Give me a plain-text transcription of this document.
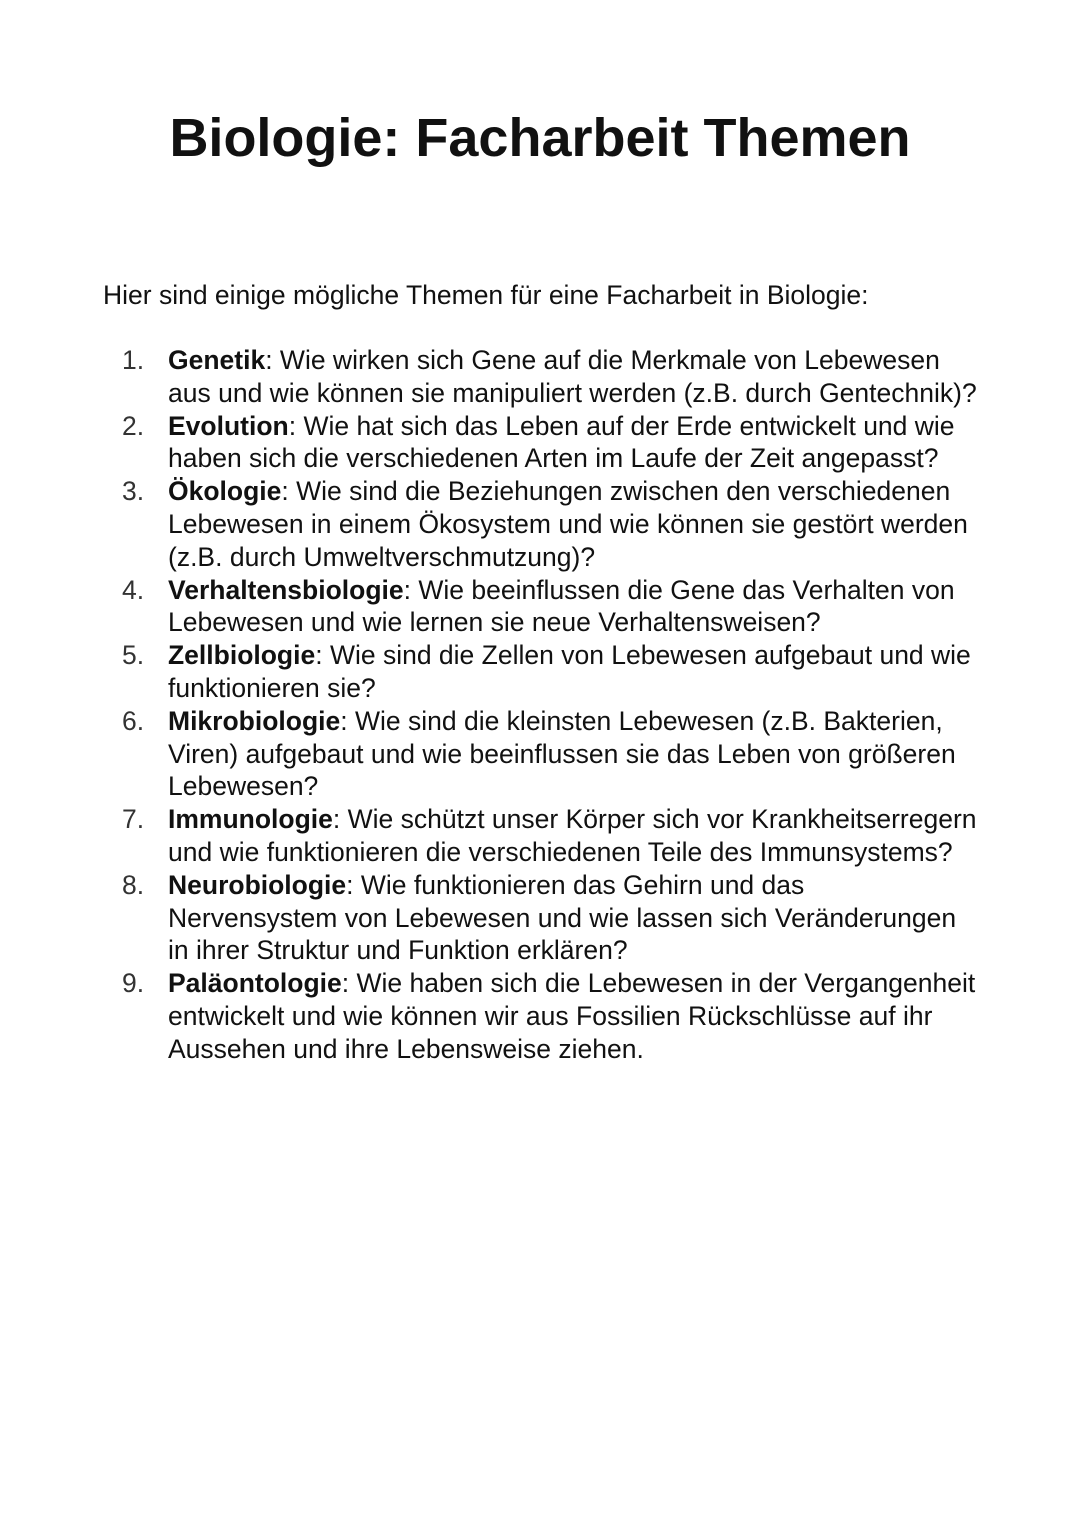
Biologie: Facharbeit Themen

Hier sind einige mögliche Themen für eine Facharbeit in Biologie:

1. Genetik: Wie wirken sich Gene auf die Merkmale von Lebewesen aus und wie können sie manipuliert werden (z.B. durch Gentechnik)?
2. Evolution: Wie hat sich das Leben auf der Erde entwickelt und wie haben sich die verschiedenen Arten im Laufe der Zeit angepasst?
3. Ökologie: Wie sind die Beziehungen zwischen den verschiedenen Lebewesen in einem Ökosystem und wie können sie gestört werden (z.B. durch Umweltverschmutzung)?
4. Verhaltensbiologie: Wie beeinflussen die Gene das Verhalten von Lebewesen und wie lernen sie neue Verhaltensweisen?
5. Zellbiologie: Wie sind die Zellen von Lebewesen aufgebaut und wie funktionieren sie?
6. Mikrobiologie: Wie sind die kleinsten Lebewesen (z.B. Bakterien, Viren) aufgebaut und wie beeinflussen sie das Leben von größeren Lebewesen?
7. Immunologie: Wie schützt unser Körper sich vor Krankheitserregern und wie funktionieren die verschiedenen Teile des Immunsystems?
8. Neurobiologie: Wie funktionieren das Gehirn und das Nervensystem von Lebewesen und wie lassen sich Veränderungen in ihrer Struktur und Funktion erklären?
9. Paläontologie: Wie haben sich die Lebewesen in der Vergangenheit entwickelt und wie können wir aus Fossilien Rückschlüsse auf ihr Aussehen und ihre Lebensweise ziehen.
